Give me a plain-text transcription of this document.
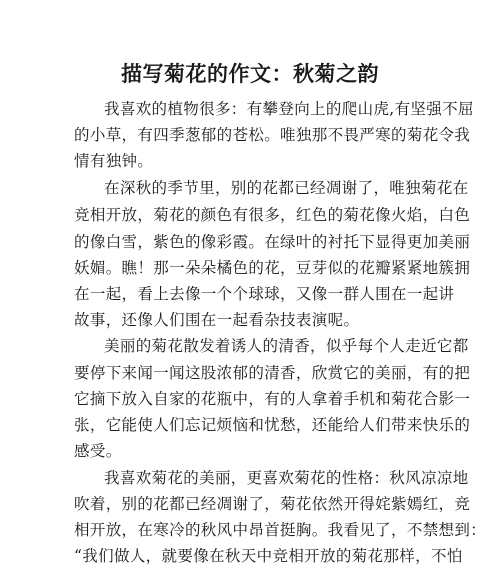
描写菊花的作文：秋菊之韵
我喜欢的植物很多：有攀登向上的爬山虎,有坚强不屈
的小草，有四季葱郁的苍松。唯独那不畏严寒的菊花令我
情有独钟。
在深秋的季节里，别的花都已经凋谢了，唯独菊花在
竞相开放，菊花的颜色有很多，红色的菊花像火焰，白色
的像白雪，紫色的像彩霞。在绿叶的衬托下显得更加美丽
妖媚。瞧！那一朵朵橘色的花，豆芽似的花瓣紧紧地簇拥
在一起，看上去像一个个球球，又像一群人围在一起讲
故事，还像人们围在一起看杂技表演呢。
美丽的菊花散发着诱人的清香，似乎每个人走近它都
要停下来闻一闻这股浓郁的清香，欣赏它的美丽，有的把
它摘下放入自家的花瓶中，有的人拿着手机和菊花合影一
张，它能使人们忘记烦恼和忧愁，还能给人们带来快乐的
感受。
我喜欢菊花的美丽，更喜欢菊花的性格：秋风凉凉地
吹着，别的花都已经凋谢了，菊花依然开得姹紫嫣红，竞
相开放，在寒冷的秋风中昂首挺胸。我看见了，不禁想到：
“我们做人，就要像在秋天中竞相开放的菊花那样，不怕
